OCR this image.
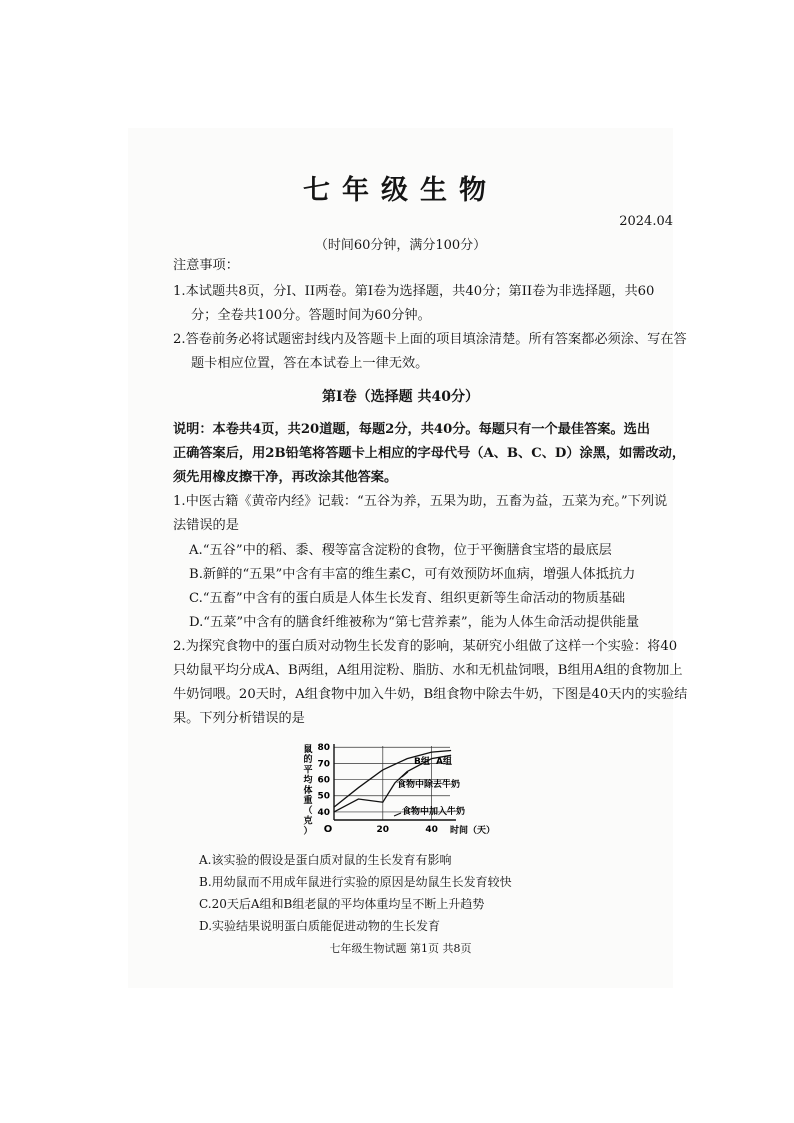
七年级生物
2024.04
（时间60分钟，满分100分）
注意事项：
1.本试题共8页，分I、II两卷。第I卷为选择题，共40分；第II卷为非选择题，共60
分；全卷共100分。答题时间为60分钟。
2.答卷前务必将试题密封线内及答题卡上面的项目填涂清楚。所有答案都必须涂、写在答
题卡相应位置，答在本试卷上一律无效。
第I卷（选择题 共40分）
说明：本卷共4页，共20道题，每题2分，共40分。每题只有一个最佳答案。选出
正确答案后，用2B铅笔将答题卡上相应的字母代号（A、B、C、D）涂黑，如需改动，
须先用橡皮擦干净，再改涂其他答案。
1.中医古籍《黄帝内经》记载：“五谷为养，五果为助，五畜为益，五菜为充。”下列说
法错误的是
A.“五谷”中的稻、黍、稷等富含淀粉的食物，位于平衡膳食宝塔的最底层
B.新鲜的“五果”中含有丰富的维生素C，可有效预防坏血病，增强人体抵抗力
C.“五畜”中含有的蛋白质是人体生长发育、组织更新等生命活动的物质基础
D.“五菜”中含有的膳食纤维被称为“第七营养素”，能为人体生命活动提供能量
2.为探究食物中的蛋白质对动物生长发育的影响，某研究小组做了这样一个实验：将40
只幼鼠平均分成A、B两组，A组用淀粉、脂肪、水和无机盐饲喂，B组用A组的食物加上
牛奶饲喂。20天时，A组食物中加入牛奶，B组食物中除去牛奶，下图是40天内的实验结
果。下列分析错误的是
鼠的平均体重（克）
40
50
60
70
80
20	40
O	时间（天）
B组 A组
食物中除去牛奶
食物中加入牛奶
A.该实验的假设是蛋白质对鼠的生长发育有影响
B.用幼鼠而不用成年鼠进行实验的原因是幼鼠生长发育较快
C.20天后A组和B组老鼠的平均体重均呈不断上升趋势
D.实验结果说明蛋白质能促进动物的生长发育
七年级生物试题 第1页 共8页
